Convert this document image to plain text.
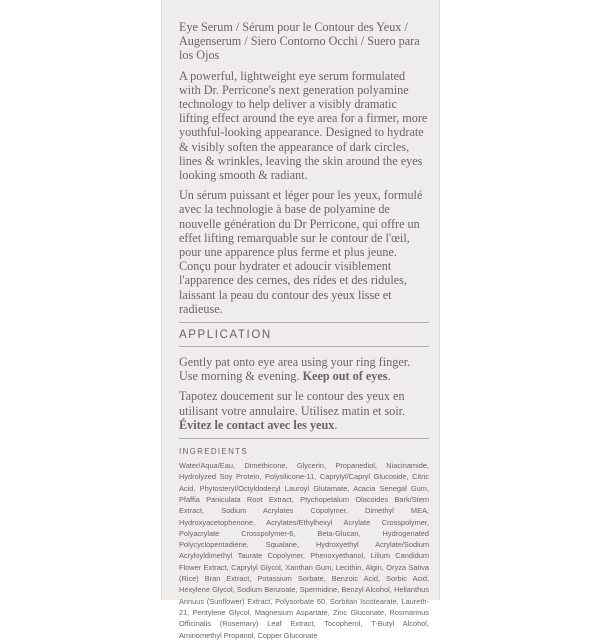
Eye Serum / Sérum pour le Contour des Yeux / Augenserum / Siero Contorno Occhi / Suero para los Ojos

A powerful, lightweight eye serum formulated with Dr. Perricone's next generation polyamine technology to help deliver a visibly dramatic lifting effect around the eye area for a firmer, more youthful-looking appearance. Designed to hydrate & visibly soften the appearance of dark circles, lines & wrinkles, leaving the skin around the eyes looking smooth & radiant.

Un sérum puissant et léger pour les yeux, formulé avec la technologie à base de polyamine de nouvelle génération du Dr Perricone, qui offre un effet lifting remarquable sur le contour de l'œil, pour une apparence plus ferme et plus jeune. Conçu pour hydrater et adoucir visiblement l'apparence des cernes, des rides et des ridules, laissant la peau du contour des yeux lisse et radieuse.

APPLICATION

Gently pat onto eye area using your ring finger. Use morning & evening. Keep out of eyes.

Tapotez doucement sur le contour des yeux en utilisant votre annulaire. Utilisez matin et soir. Évitez le contact avec les yeux.

INGREDIENTS

Water/Aqua/Eau, Dimethicone, Glycerin, Propanediol, Niacinamide, Hydrolyzed Soy Protein, Polysilicone-11, Caprylyl/Capryl Glucoside, Citric Acid, Phytosteryl/Octyldodecyl Lauroyl Glutamate, Acacia Senegal Gum, Pfaffia Paniculata Root Extract, Ptychopetalum Olacoides Bark/Stem Extract, Sodium Acrylates Copolymer, Dimethyl MEA, Hydroxyacetophenone, Acrylates/Ethylhexyl Acrylate Crosspolymer, Polyacrylate Crosspolymer-6, Beta-Glucan, Hydrogenated Polycyclopentadiene, Squalane, Hydroxyethyl Acrylate/Sodium Acryloyldimethyl Taurate Copolymer, Phenoxyethanol, Lilium Candidum Flower Extract, Caprylyl Glycol, Xanthan Gum, Lecithin, Algin, Oryza Sativa (Rice) Bran Extract, Potassium Sorbate, Benzoic Acid, Sorbic Acid, Hexylene Glycol, Sodium Benzoate, Spermidine, Benzyl Alcohol, Helianthus Annuus (Sunflower) Extract, Polysorbate 60, Sorbitan Isostearate, Laureth-21, Pentylene Glycol, Magnesium Aspartate, Zinc Gluconate, Rosmarinus Officinalis (Rosemary) Leaf Extract, Tocopherol, T-Butyl Alcohol, Aminomethyl Propanol, Copper Gluconate
